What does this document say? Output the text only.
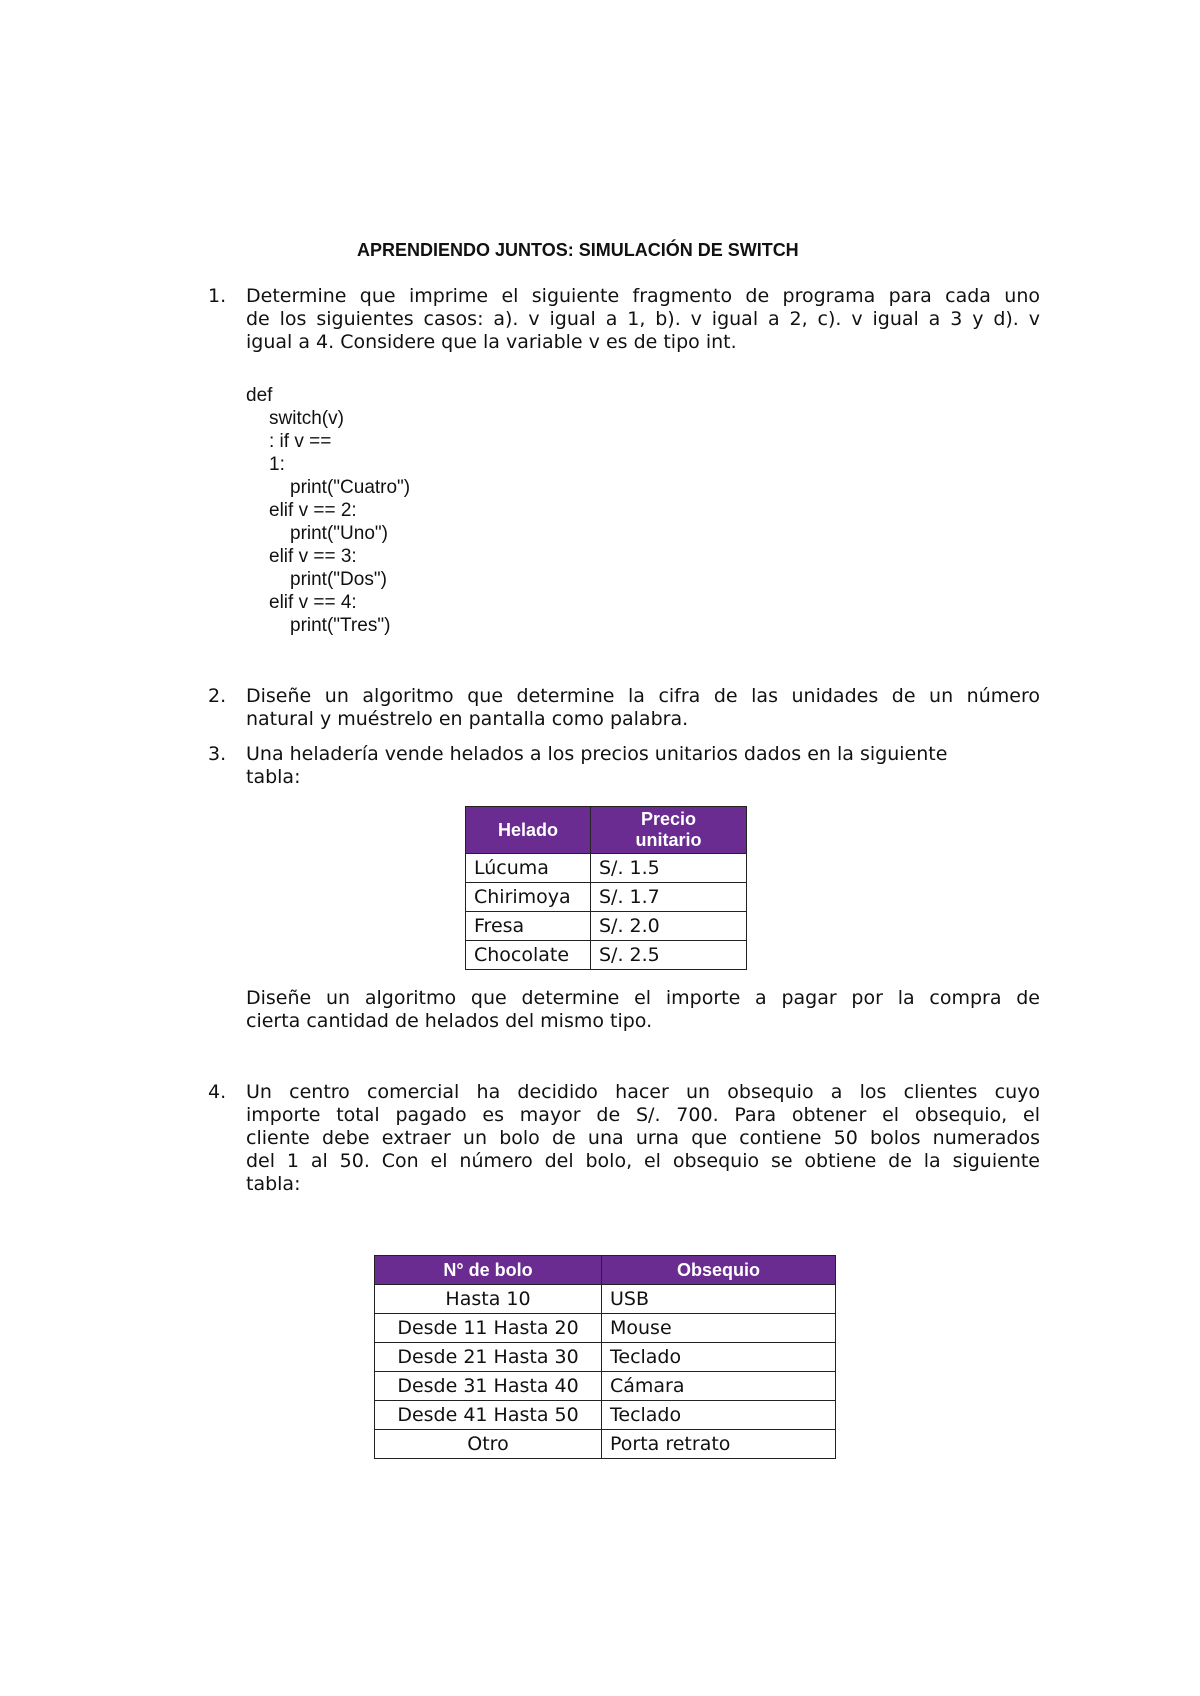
APRENDIENDO JUNTOS: SIMULACIÓN DE SWITCH
1. Determine que imprime el siguiente fragmento de programa para cada uno
de los siguientes casos: a). v igual a 1, b). v igual a 2, c). v igual a 3 y d). v
igual a 4. Considere que la variable v es de tipo int.
def
switch(v)
: if v ==
1:
print("Cuatro")
elif v == 2:
print("Uno")
elif v == 3:
print("Dos")
elif v == 4:
print("Tres")
2. Diseñe un algoritmo que determine la cifra de las unidades de un número
natural y muéstrelo en pantalla como palabra.
3. Una heladería vende helados a los precios unitarios dados en la siguiente
tabla:
Helado	Precio
unitario

Lúcuma	S/. 1.5
Chirimoya	S/. 1.7
Fresa	S/. 2.0
Chocolate	S/. 2.5
Diseñe un algoritmo que determine el importe a pagar por la compra de
cierta cantidad de helados del mismo tipo.
4. Un centro comercial ha decidido hacer un obsequio a los clientes cuyo
importe total pagado es mayor de S/. 700. Para obtener el obsequio, el
cliente debe extraer un bolo de una urna que contiene 50 bolos numerados
del 1 al 50. Con el número del bolo, el obsequio se obtiene de la siguiente
tabla:
N° de bolo	Obsequio
Hasta 10	USB
Desde 11 Hasta 20	Mouse
Desde 21 Hasta 30	Teclado
Desde 31 Hasta 40	Cámara
Desde 41 Hasta 50	Teclado
Otro	Porta retrato
